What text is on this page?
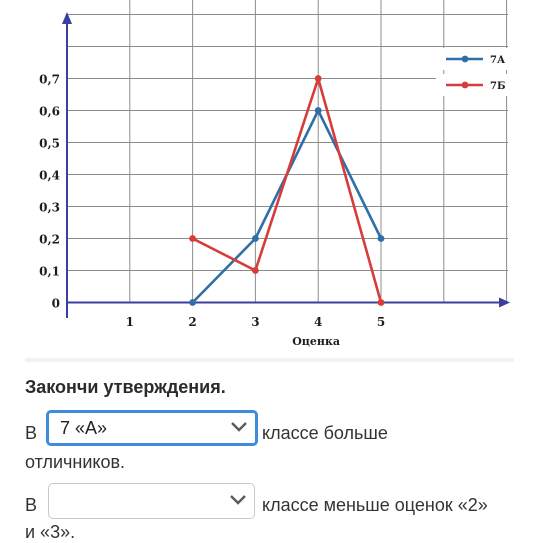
0
0,1
0,2
0,3
0,4
0,5
0,6
0,7
1	2	3	4	5
Оценка
7А
7Б
Закончи утверждения.
В 7 «А»	классе больше
отличников.
В	классе меньше оценок «2»
и «3».
